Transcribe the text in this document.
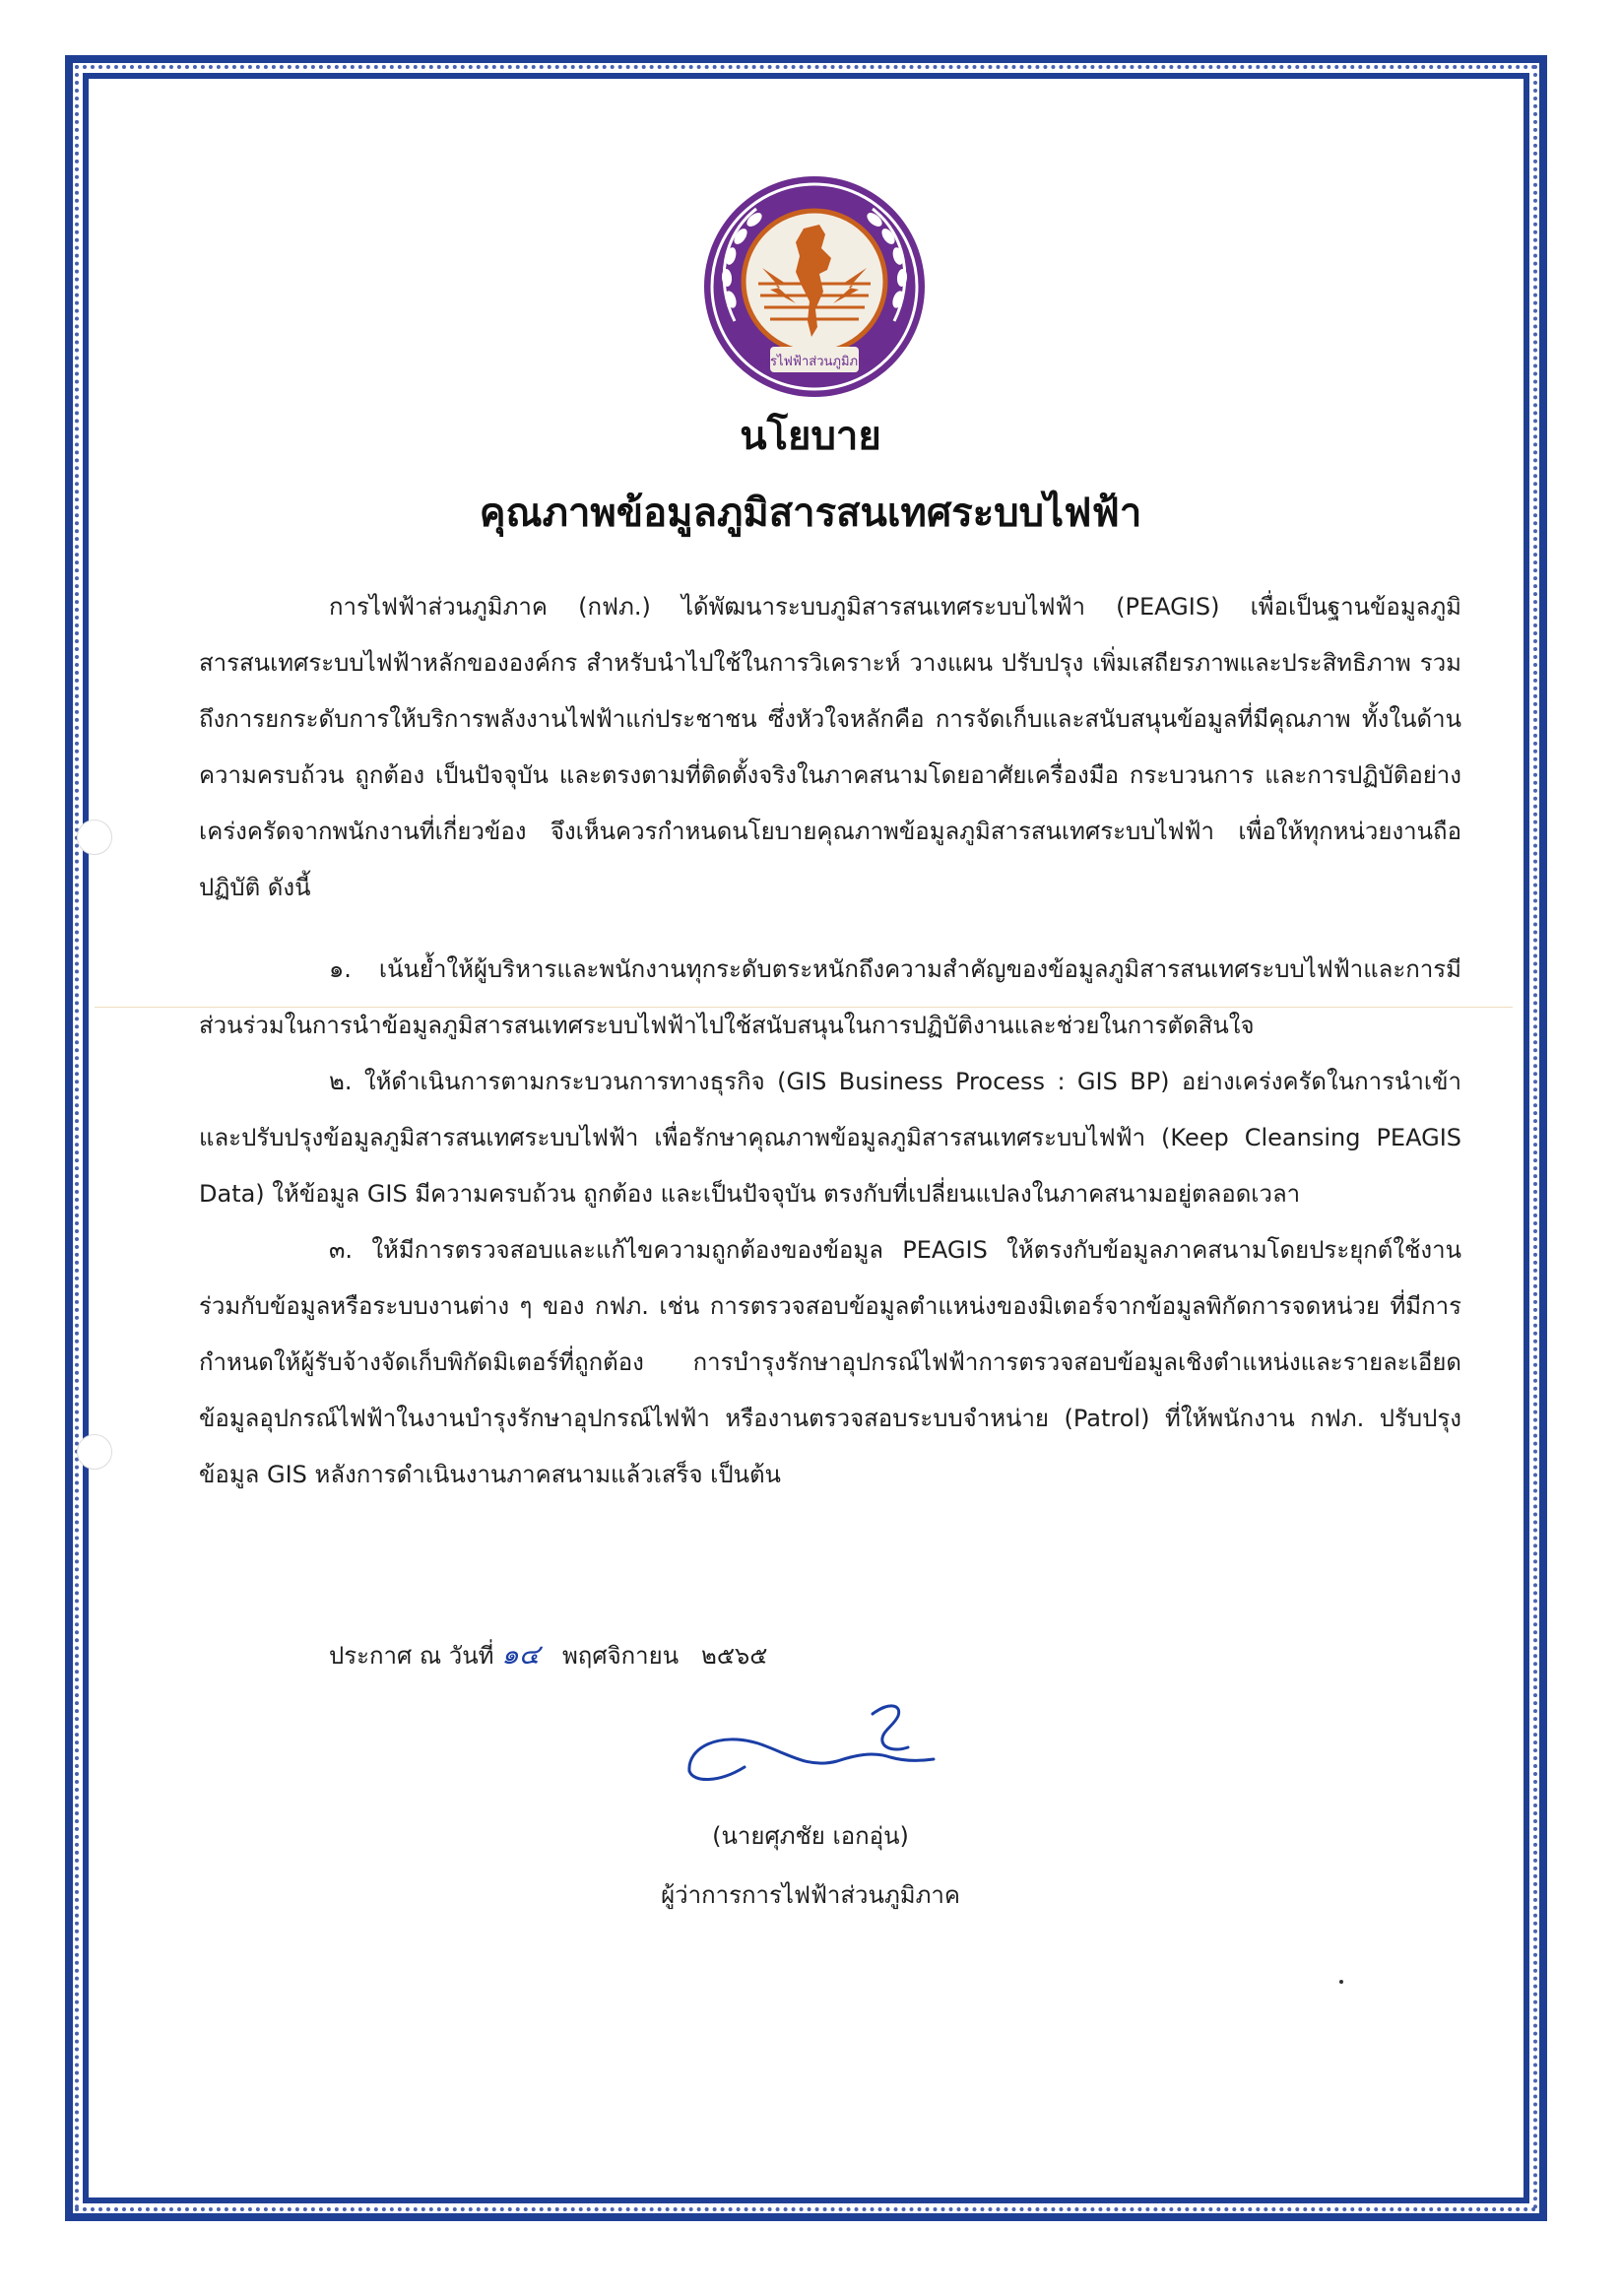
การไฟฟ้าส่วนภูมิภาค
นโยบาย
คุณภาพข้อมูลภูมิสารสนเทศระบบไฟฟ้า

การไฟฟ้าส่วนภูมิภาค (กฟภ.) ได้พัฒนาระบบภูมิสารสนเทศระบบไฟฟ้า (PEAGIS) เพื่อเป็นฐานข้อมูลภูมิสารสนเทศระบบไฟฟ้าหลักขององค์กร สำหรับนำไปใช้ในการวิเคราะห์ วางแผน ปรับปรุง เพิ่มเสถียรภาพและประสิทธิภาพ รวมถึงการยกระดับการให้บริการพลังงานไฟฟ้าแก่ประชาชน ซึ่งหัวใจหลักคือ การจัดเก็บและสนับสนุนข้อมูลที่มีคุณภาพ ทั้งในด้านความครบถ้วน ถูกต้อง เป็นปัจจุบัน และตรงตามที่ติดตั้งจริงในภาคสนามโดยอาศัยเครื่องมือ กระบวนการ และการปฏิบัติอย่างเคร่งครัดจากพนักงานที่เกี่ยวข้อง จึงเห็นควรกำหนดนโยบายคุณภาพข้อมูลภูมิสารสนเทศระบบไฟฟ้า เพื่อให้ทุกหน่วยงานถือปฏิบัติ ดังนี้

๑. เน้นย้ำให้ผู้บริหารและพนักงานทุกระดับตระหนักถึงความสำคัญของข้อมูลภูมิสารสนเทศระบบไฟฟ้าและการมีส่วนร่วมในการนำข้อมูลภูมิสารสนเทศระบบไฟฟ้าไปใช้สนับสนุนในการปฏิบัติงานและช่วยในการตัดสินใจ

๒. ให้ดำเนินการตามกระบวนการทางธุรกิจ (GIS Business Process : GIS BP) อย่างเคร่งครัดในการนำเข้าและปรับปรุงข้อมูลภูมิสารสนเทศระบบไฟฟ้า เพื่อรักษาคุณภาพข้อมูลภูมิสารสนเทศระบบไฟฟ้า (Keep Cleansing PEAGIS Data) ให้ข้อมูล GIS มีความครบถ้วน ถูกต้อง และเป็นปัจจุบัน ตรงกับที่เปลี่ยนแปลงในภาคสนามอยู่ตลอดเวลา

๓. ให้มีการตรวจสอบและแก้ไขความถูกต้องของข้อมูล PEAGIS ให้ตรงกับข้อมูลภาคสนามโดยประยุกต์ใช้งานร่วมกับข้อมูลหรือระบบงานต่าง ๆ ของ กฟภ. เช่น การตรวจสอบข้อมูลตำแหน่งของมิเตอร์จากข้อมูลพิกัดการจดหน่วย ที่มีการกำหนดให้ผู้รับจ้างจัดเก็บพิกัดมิเตอร์ที่ถูกต้อง การบำรุงรักษาอุปกรณ์ไฟฟ้าการตรวจสอบข้อมูลเชิงตำแหน่งและรายละเอียดข้อมูลอุปกรณ์ไฟฟ้าในงานบำรุงรักษาอุปกรณ์ไฟฟ้า หรืองานตรวจสอบระบบจำหน่าย (Patrol) ที่ให้พนักงาน กฟภ. ปรับปรุงข้อมูล GIS หลังการดำเนินงานภาคสนามแล้วเสร็จ เป็นต้น

ประกาศ ณ วันที่ ๑๔ พฤศจิกายน ๒๕๖๕
(นายศุภชัย เอกอุ่น)
ผู้ว่าการการไฟฟ้าส่วนภูมิภาค
